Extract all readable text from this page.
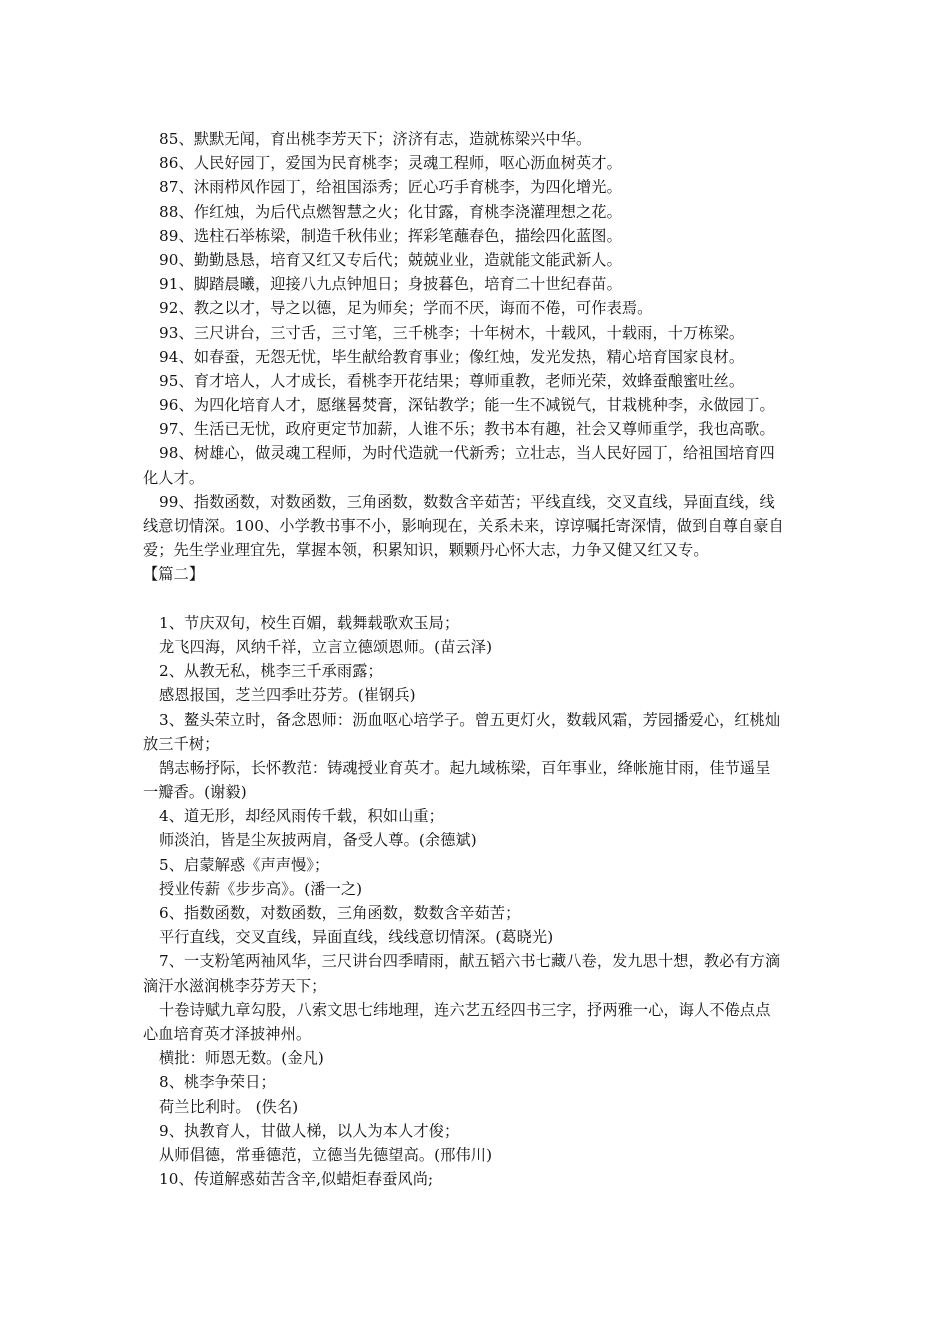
85、默默无闻，育出桃李芳天下；济济有志，造就栋梁兴中华。
86、人民好园丁，爱国为民育桃李；灵魂工程师，呕心沥血树英才。
87、沐雨栉风作园丁，给祖国添秀；匠心巧手育桃李，为四化增光。
88、作红烛，为后代点燃智慧之火；化甘露，育桃李浇灌理想之花。
89、选柱石举栋梁，制造千秋伟业；挥彩笔蘸春色，描绘四化蓝图。
90、勤勤恳恳，培育又红又专后代；兢兢业业，造就能文能武新人。
91、脚踏晨曦，迎接八九点钟旭日；身披暮色，培育二十世纪春苗。
92、教之以才，导之以德，足为师矣；学而不厌，诲而不倦，可作表焉。
93、三尺讲台，三寸舌，三寸笔，三千桃李；十年树木，十载风，十载雨，十万栋梁。
94、如春蚕，无怨无忧，毕生献给教育事业；像红烛，发光发热，精心培育国家良材。
95、育才培人，人才成长，看桃李开花结果；尊师重教，老师光荣，效蜂蚕酿蜜吐丝。
96、为四化培育人才，愿继晷焚膏，深钻教学；能一生不减锐气，甘栽桃种李，永做园丁。
97、生活已无忧，政府更定节加薪，人谁不乐；教书本有趣，社会又尊师重学，我也高歌。
98、树雄心，做灵魂工程师，为时代造就一代新秀；立壮志，当人民好园丁，给祖国培育四
化人才。
99、指数函数，对数函数，三角函数，数数含辛茹苦；平线直线，交叉直线，异面直线，线
线意切情深。100、小学教书事不小，影响现在，关系未来，谆谆嘱托寄深情，做到自尊自豪自
爱；先生学业理宜先，掌握本领，积累知识，颗颗丹心怀大志，力争又健又红又专。
【篇二】
1、节庆双旬，校生百媚，载舞载歌欢玉局；
龙飞四海，风纳千祥，立言立德颂恩师。(苗云泽)
2、从教无私，桃李三千承雨露；
感恩报国，芝兰四季吐芬芳。(崔钢兵)
3、鳌头荣立时，备念恩师：沥血呕心培学子。曾五更灯火，数载风霜，芳园播爱心，红桃灿
放三千树；
鹄志畅抒际，长怀教范：铸魂授业育英才。起九域栋梁，百年事业，绛帐施甘雨，佳节遥呈
一瓣香。(谢毅)
4、道无形，却经风雨传千载，积如山重；
师淡泊，皆是尘灰披两肩，备受人尊。(余德斌)
5、启蒙解惑《声声慢》；
授业传薪《步步高》。(潘一之)
6、指数函数，对数函数，三角函数，数数含辛茹苦；
平行直线，交叉直线，异面直线，线线意切情深。(葛晓光)
7、一支粉笔两袖风华，三尺讲台四季晴雨，献五韬六书七藏八卷，发九思十想，教必有方滴
滴汗水滋润桃李芬芳天下；
十卷诗赋九章勾股，八索文思七纬地理，连六艺五经四书三字，抒两雅一心，诲人不倦点点
心血培育英才泽披神州。
横批：师恩无数。(金凡)
8、桃李争荣日；
荷兰比利时。 (佚名)
9、执教育人，甘做人梯，以人为本人才俊；
从师倡德，常垂德范，立德当先德望高。(邢伟川)
10、传道解惑茹苦含辛,似蜡炬春蚕风尚;
